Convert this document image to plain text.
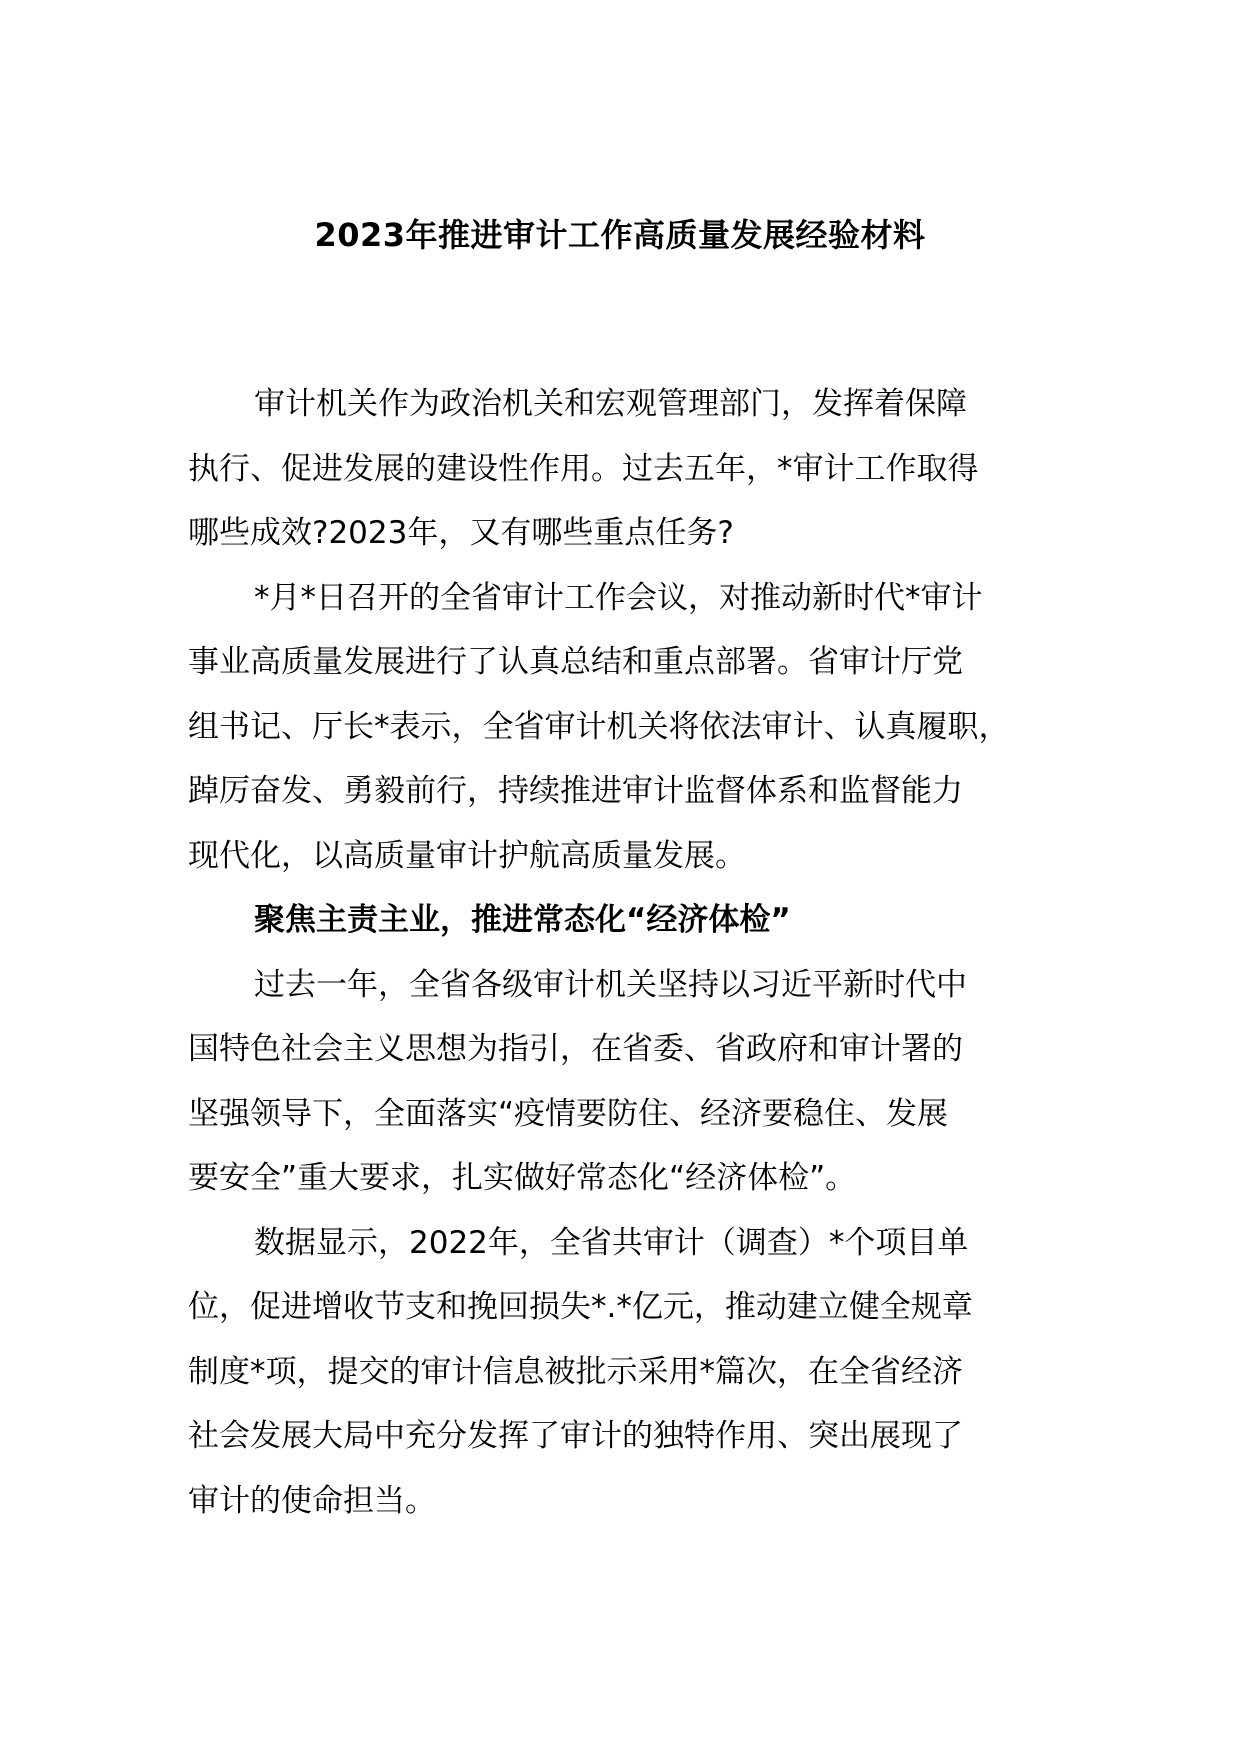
2023年推进审计工作高质量发展经验材料

审计机关作为政治机关和宏观管理部门，发挥着保障
执行、促进发展的建设性作用。过去五年，*审计工作取得
哪些成效?2023年，又有哪些重点任务?

*月*日召开的全省审计工作会议，对推动新时代*审计
事业高质量发展进行了认真总结和重点部署。省审计厅党
组书记、厅长*表示，全省审计机关将依法审计、认真履职，
踔厉奋发、勇毅前行，持续推进审计监督体系和监督能力
现代化，以高质量审计护航高质量发展。

聚焦主责主业，推进常态化“经济体检”

过去一年，全省各级审计机关坚持以习近平新时代中
国特色社会主义思想为指引，在省委、省政府和审计署的
坚强领导下，全面落实“疫情要防住、经济要稳住、发展
要安全”重大要求，扎实做好常态化“经济体检”。

数据显示，2022年，全省共审计（调查）*个项目单
位，促进增收节支和挽回损失*.*亿元，推动建立健全规章
制度*项，提交的审计信息被批示采用*篇次，在全省经济
社会发展大局中充分发挥了审计的独特作用、突出展现了
审计的使命担当。
